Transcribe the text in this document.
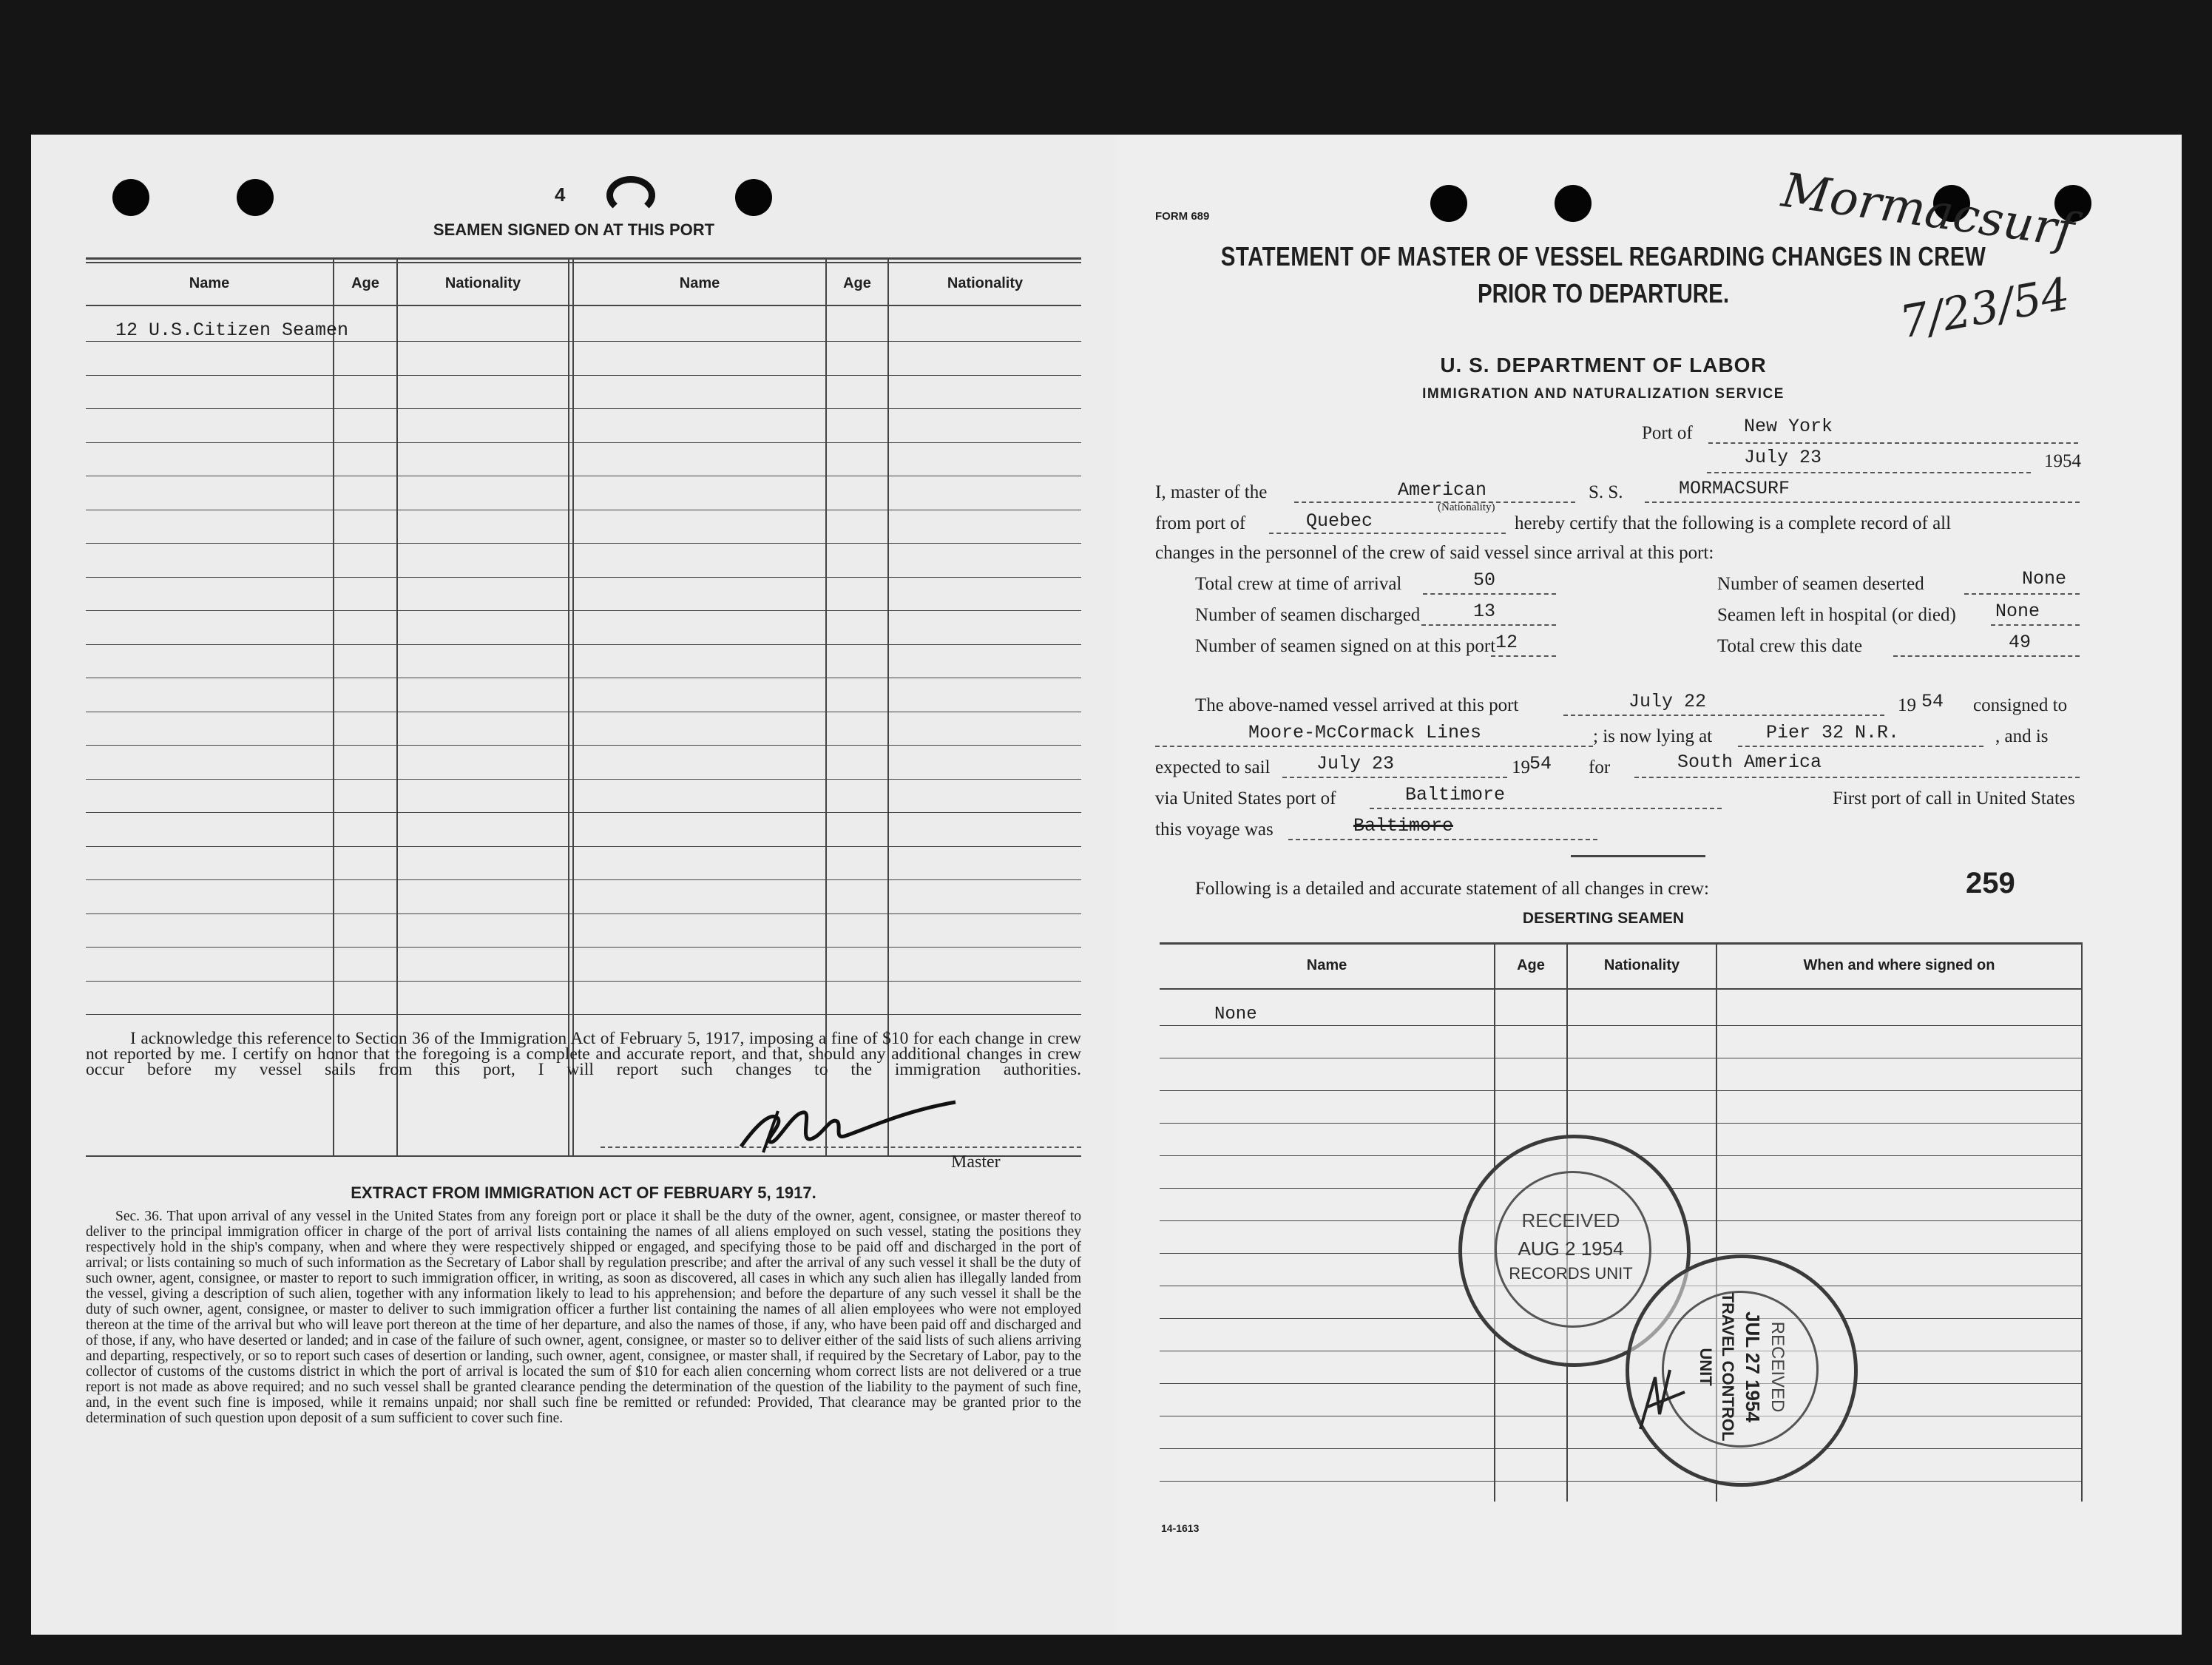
4
SEAMEN SIGNED ON AT THIS PORT
Name	Age	Nationality	Name	Age	Nationality
12 U.S.Citizen Seamen
I acknowledge this reference to Section 36 of the Immigration Act of February 5, 1917, imposing a fine of $10 for each change in crew not reported by me. I certify on honor that the foregoing is a complete and accurate report, and that, should any additional changes in crew occur before my vessel sails from this port, I will report such changes to the immigration authorities.
Master
EXTRACT FROM IMMIGRATION ACT OF FEBRUARY 5, 1917.
Sec. 36. That upon arrival of any vessel in the United States from any foreign port or place it shall be the duty of the owner, agent, consignee, or master thereof to deliver to the principal immigration officer in charge of the port of arrival lists containing the names of all aliens employed on such vessel, stating the positions they respectively hold in the ship's company, when and where they were respectively shipped or engaged, and specifying those to be paid off and discharged in the port of arrival; or lists containing so much of such information as the Secretary of Labor shall by regulation prescribe; and after the arrival of any such vessel it shall be the duty of such owner, agent, consignee, or master to report to such immigration officer, in writing, as soon as discovered, all cases in which any such alien has illegally landed from the vessel, giving a description of such alien, together with any information likely to lead to his apprehension; and before the departure of any such vessel it shall be the duty of such owner, agent, consignee, or master to deliver to such immigration officer a further list containing the names of all alien employees who were not employed thereon at the time of the arrival but who will leave port thereon at the time of her departure, and also the names of those, if any, who have been paid off and discharged and of those, if any, who have deserted or landed; and in case of the failure of such owner, agent, consignee, or master so to deliver either of the said lists of such aliens arriving and departing, respectively, or so to report such cases of desertion or landing, such owner, agent, consignee, or master shall, if required by the Secretary of Labor, pay to the collector of customs of the customs district in which the port of arrival is located the sum of $10 for each alien concerning whom correct lists are not delivered or a true report is not made as above required; and no such vessel shall be granted clearance pending the determination of the question of the liability to the payment of such fine, and, in the event such fine is imposed, while it remains unpaid; nor shall such fine be remitted or refunded: Provided, That clearance may be granted prior to the determination of such question upon deposit of a sum sufficient to cover such fine.
FORM 689
STATEMENT OF MASTER OF VESSEL REGARDING CHANGES IN CREW
PRIOR TO DEPARTURE.
Mormacsurf
7/23/54
U. S. DEPARTMENT OF LABOR
IMMIGRATION AND NATURALIZATION SERVICE
Port of	New York
July 23	1954
I, master of the	American
(Nationality)
S. S.	MORMACSURF
from port of	Quebec	hereby certify that the following is a complete record of all
changes in the personnel of the crew of said vessel since arrival at this port:
Total crew at time of arrival	50	Number of seamen deserted	None
Number of seamen discharged	13	Seamen left in hospital (or died) None
Number of seamen signed on at this port 12	Total crew this date	49
The above-named vessel arrived at this port	July 22	19 54 consigned to
Moore-McCormack Lines	; is now lying at	Pier 32 N.R.	, and is
expected to sail	July 23	19 54 for	South America
via United States port of	Baltimore	First port of call in United States
this voyage was	Baltimore
Following is a detailed and accurate statement of all changes in crew:	259
DESERTING SEAMEN
Name	Age	Nationality	When and where signed on
None
RECEIVED
AUG 2 1954
RECORDS UNIT
RECEIVED
JUL 27 1954
TRAVEL CONTROL
UNIT
14-1613
